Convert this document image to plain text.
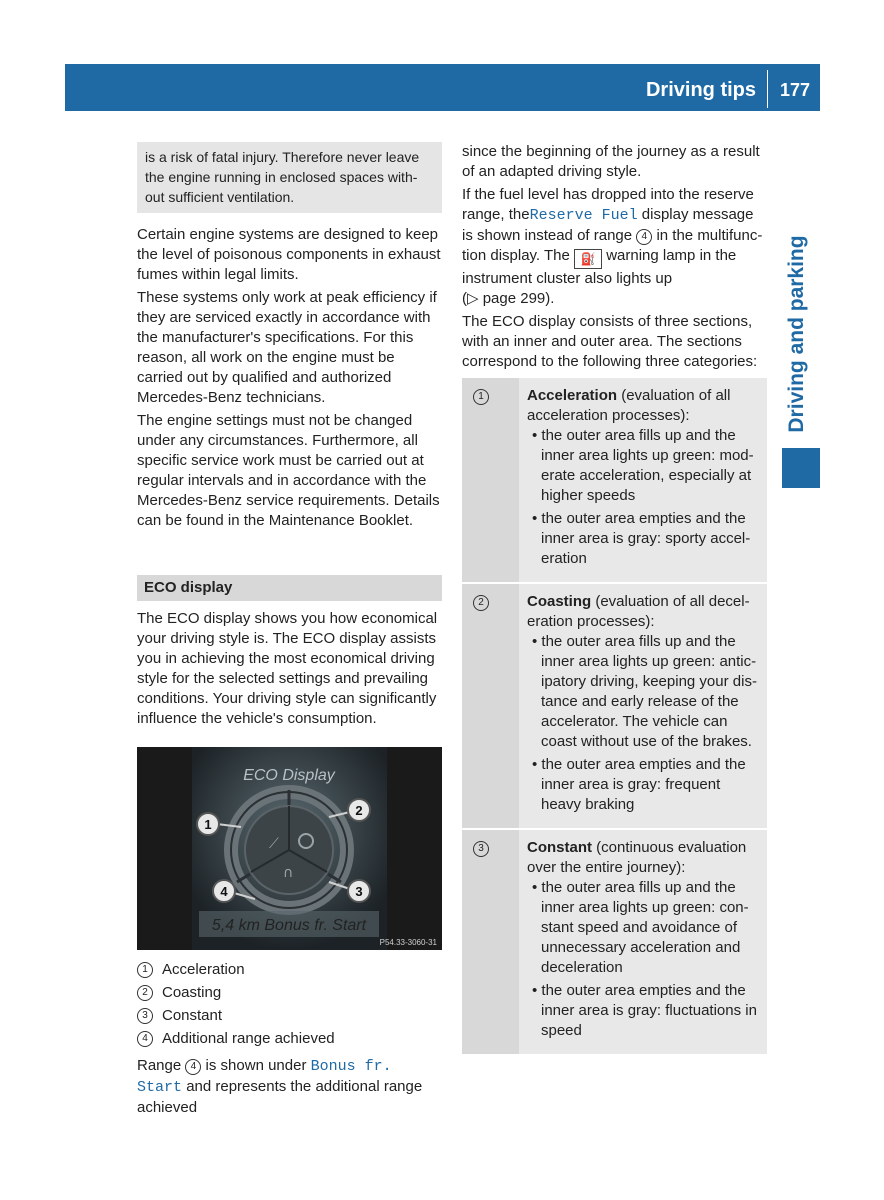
Driving tips 177
Driving and parking
is a risk of fatal injury. Therefore never leave the engine running in enclosed spaces with-out sufficient ventilation.

Certain engine systems are designed to keep the level of poisonous components in exhaust fumes within legal limits.

These systems only work at peak efficiency if they are serviced exactly in accordance with the manufacturer's specifications. For this reason, all work on the engine must be carried out by qualified and authorized Mercedes-Benz technicians.

The engine settings must not be changed under any circumstances. Furthermore, all specific service work must be carried out at regular intervals and in accordance with the Mercedes-Benz service requirements. Details can be found in the Maintenance Booklet.

ECO display

The ECO display shows you how economical your driving style is. The ECO display assists you in achieving the most economical driving style for the selected settings and prevailing conditions. Your driving style can significantly influence the vehicle's consumption.

ECO Display
⟋
∩
1
2
3
4
5,4 km Bonus fr. Start
P54.33-3060-31
1 Acceleration
2 Coasting
3 Constant
4 Additional range achieved

Range 4 is shown under Bonus fr. Start and represents the additional range achieved

since the beginning of the journey as a result of an adapted driving style.

If the fuel level has dropped into the reserve range, theReserve Fuel display message is shown instead of range 4 in the multifunc-tion display. The ⛽ warning lamp in the instrument cluster also lights up
(▷ page 299).

The ECO display consists of three sections, with an inner and outer area. The sections correspond to the following three categories:

1	Acceleration (evaluation of all acceleration processes):

• the outer area fills up and the inner area lights up green: mod-erate acceleration, especially at higher speeds

• the outer area empties and the inner area is gray: sporty accel-eration

2	Coasting (evaluation of all decel-eration processes):

• the outer area fills up and the inner area lights up green: antic-ipatory driving, keeping your dis-tance and early release of the accelerator. The vehicle can coast without use of the brakes.

• the outer area empties and the inner area is gray: frequent heavy braking

3	Constant (continuous evaluation over the entire journey):

• the outer area fills up and the inner area lights up green: con-stant speed and avoidance of unnecessary acceleration and deceleration

• the outer area empties and the inner area is gray: fluctuations in speed
